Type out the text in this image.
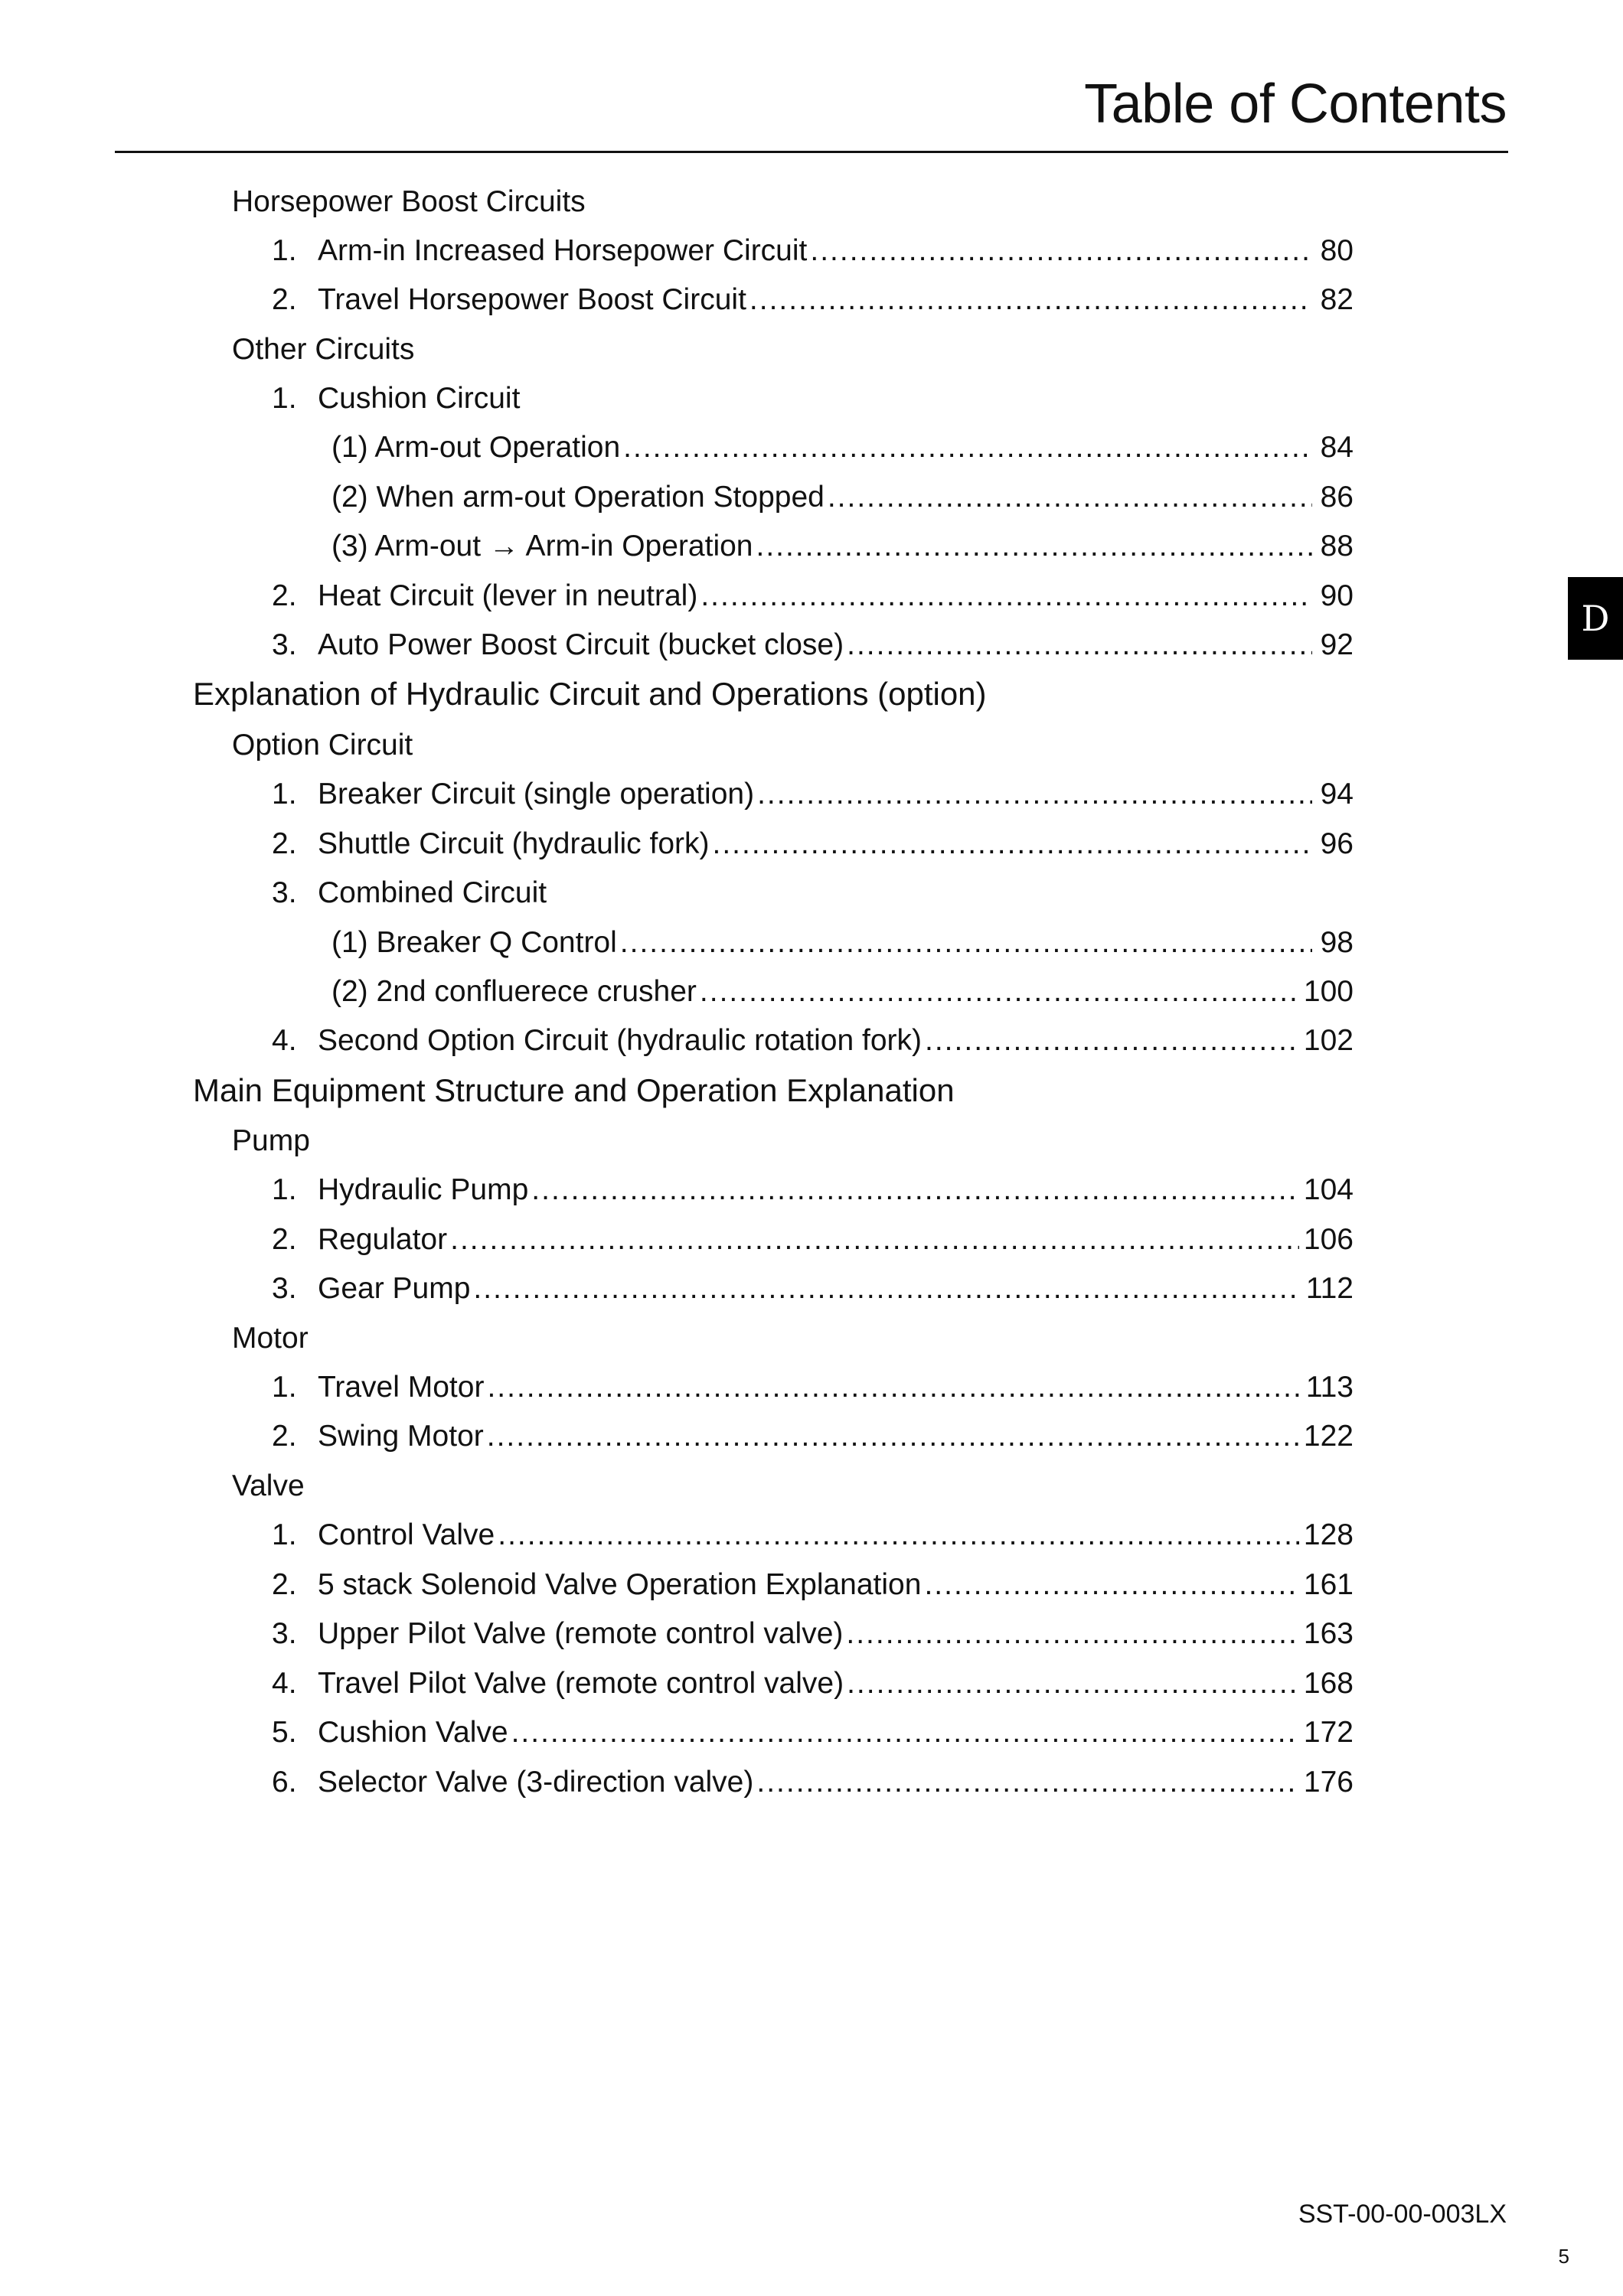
Table of Contents
Horsepower Boost Circuits
1. Arm-in Increased Horsepower Circuit .....	80
2. Travel Horsepower Boost Circuit .....	82
Other Circuits
1. Cushion Circuit
(1) Arm-out Operation .....	84
(2) When arm-out Operation Stopped .....	86
(3) Arm-out → Arm-in Operation .....	88
2. Heat Circuit (lever in neutral) .....	90
3. Auto Power Boost Circuit (bucket close) .....	92
Explanation of Hydraulic Circuit and Operations (option)
Option Circuit
1. Breaker Circuit (single operation) .....	94
2. Shuttle Circuit (hydraulic fork) .....	96
3. Combined Circuit
(1) Breaker Q Control .....	98
(2) 2nd confluerece crusher .....	100
4. Second Option Circuit (hydraulic rotation fork) .....	102
Main Equipment Structure and Operation Explanation
Pump
1. Hydraulic Pump .....	104
2. Regulator .....	106
3. Gear Pump .....	112
Motor
1. Travel Motor .....	113
2. Swing Motor .....	122
Valve
1. Control Valve .....	128
2. 5 stack Solenoid Valve Operation Explanation .....	161
3. Upper Pilot Valve (remote control valve) .....	163
4. Travel Pilot Valve (remote control valve) .....	168
5. Cushion Valve .....	172
6. Selector Valve (3-direction valve) .....	176
D
SST-00-00-003LX
5
